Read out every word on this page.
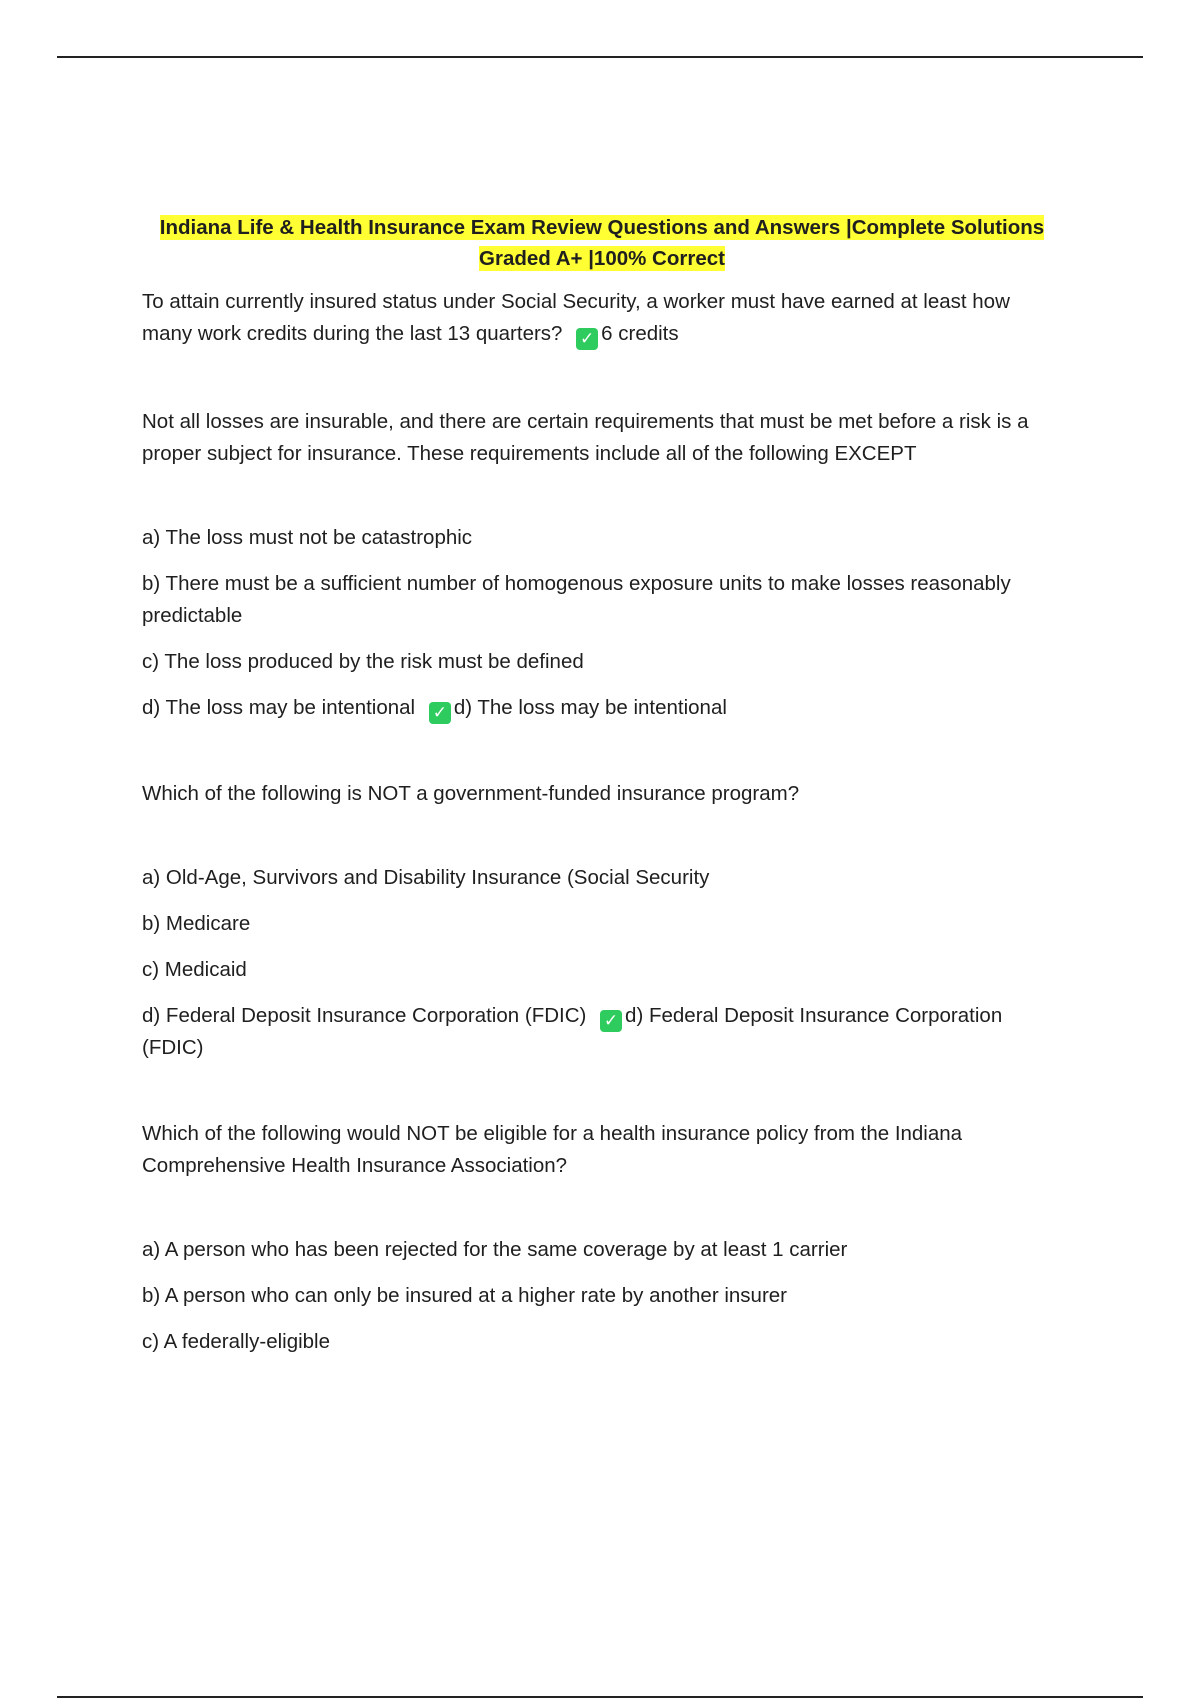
Indiana Life & Health Insurance Exam Review Questions and Answers |Complete Solutions
Graded A+ |100% Correct

To attain currently insured status under Social Security, a worker must have earned at least how many work credits during the last 13 quarters? ✓ 6 credits

Not all losses are insurable, and there are certain requirements that must be met before a risk is a proper subject for insurance. These requirements include all of the following EXCEPT

a) The loss must not be catastrophic

b) There must be a sufficient number of homogenous exposure units to make losses reasonably predictable

c) The loss produced by the risk must be defined

d) The loss may be intentional ✓ d) The loss may be intentional

Which of the following is NOT a government-funded insurance program?

a) Old-Age, Survivors and Disability Insurance (Social Security

b) Medicare

c) Medicaid

d) Federal Deposit Insurance Corporation (FDIC) ✓ d) Federal Deposit Insurance Corporation (FDIC)

Which of the following would NOT be eligible for a health insurance policy from the Indiana Comprehensive Health Insurance Association?

a) A person who has been rejected for the same coverage by at least 1 carrier

b) A person who can only be insured at a higher rate by another insurer

c) A federally-eligible
